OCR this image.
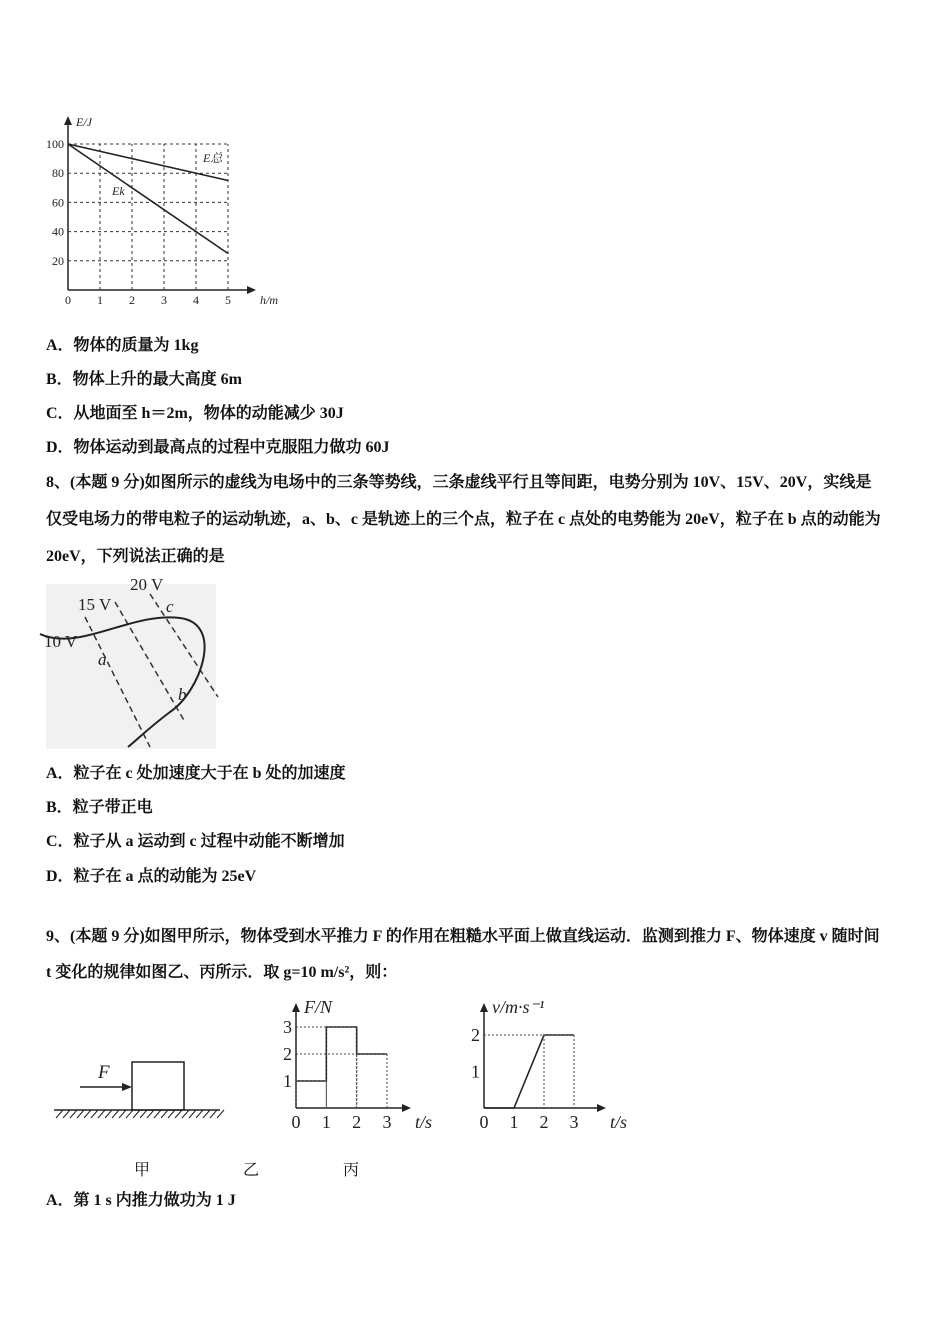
0 1 2 3 4 5
20
40
60
80
100
h/m
E/J
E总
Ek
A．物体的质量为 1kg
B．物体上升的最大高度 6m
C．从地面至 h＝2m，物体的动能减少 30J
D．物体运动到最高点的过程中克服阻力做功 60J
8、(本题 9 分)如图所示的虚线为电场中的三条等势线，三条虚线平行且等间距，电势分别为 10V、15V、20V，实线是
仅受电场力的带电粒子的运动轨迹，a、b、c 是轨迹上的三个点，粒子在 c 点处的电势能为 20eV，粒子在 b 点的动能为
20eV，下列说法正确的是
10 V
15 V
20 V
a
b
c
A．粒子在 c 处加速度大于在 b 处的加速度
B．粒子带正电
C．粒子从 a 运动到 c 过程中动能不断增加
D．粒子在 a 点的动能为 25eV
9、(本题 9 分)如图甲所示，物体受到水平推力 F 的作用在粗糙水平面上做直线运动．监测到推力 F、物体速度 v 随时间
t 变化的规律如图乙、丙所示．取 g=10 m/s²，则：
F
0 1 2 3
1
2
3
t/s
F/N
0 1 2 3
1
2
t/s
v/m·s⁻¹
甲	乙	丙
A．第 1 s 内推力做功为 1 J
